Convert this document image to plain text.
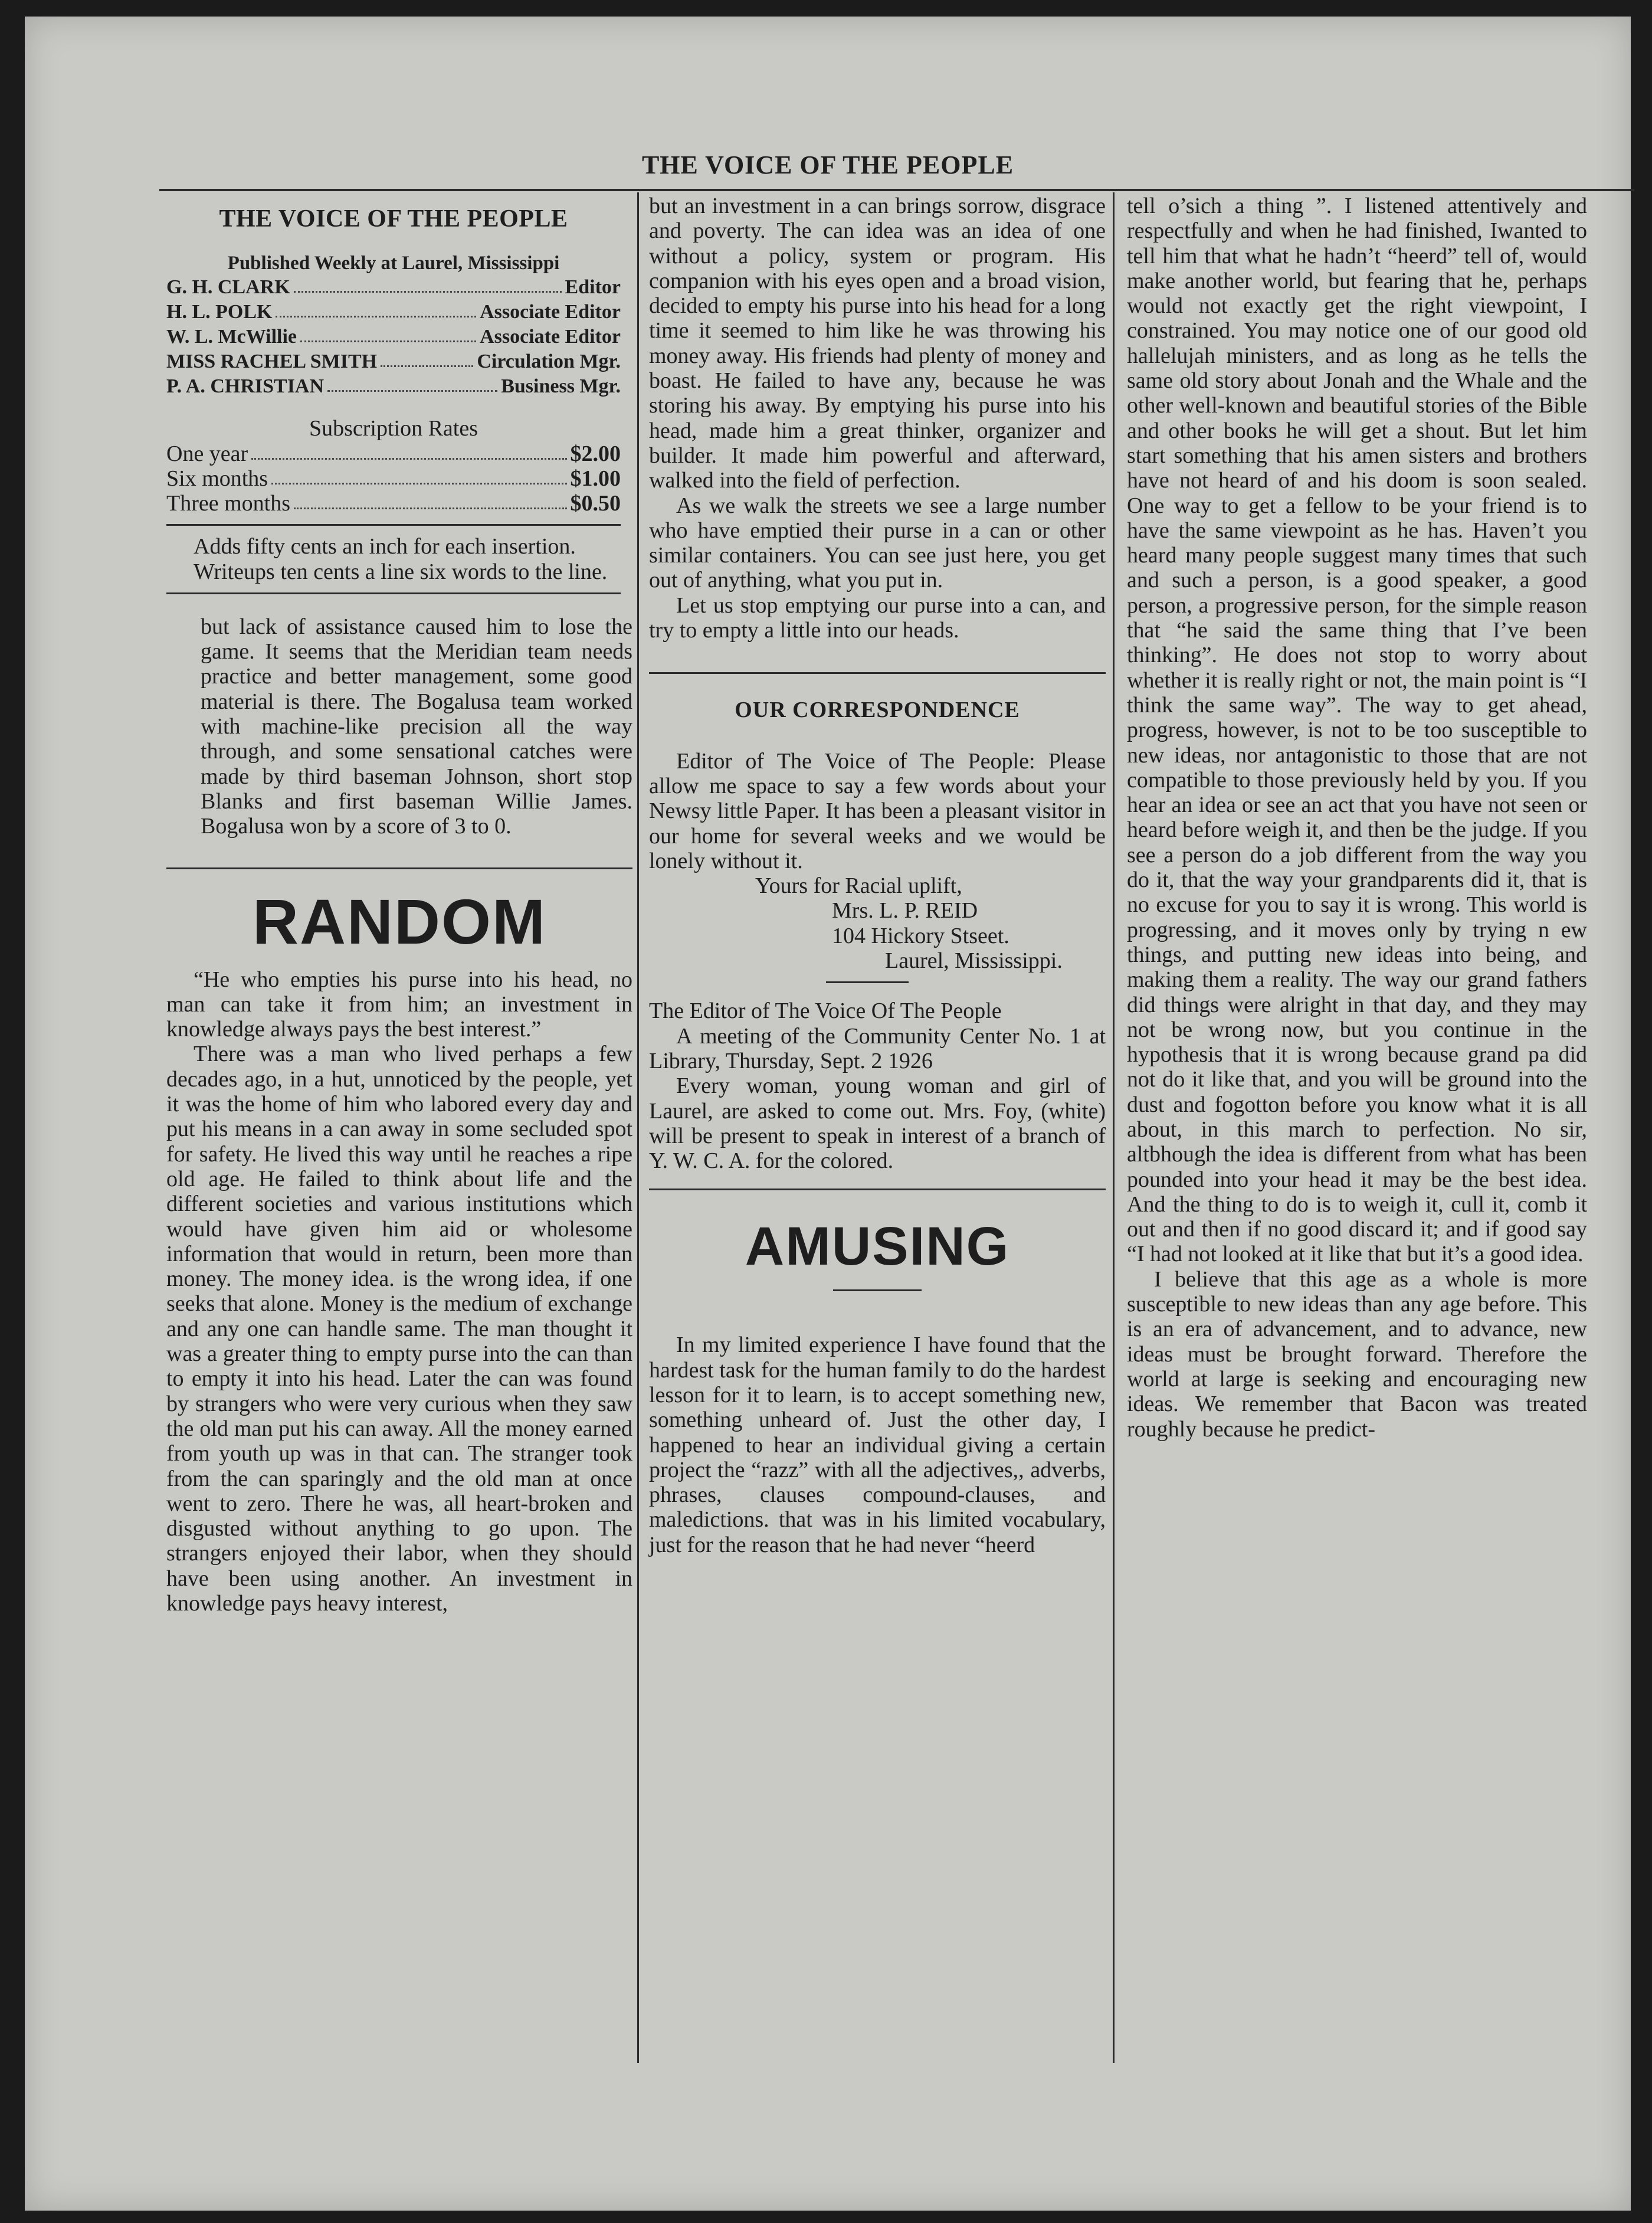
THE VOICE OF THE PEOPLE
THE VOICE OF THE PEOPLE
Published Weekly at Laurel, Mississippi
G. H. CLARK	Editor
H. L. POLK	Associate Editor
W. L. McWillie	Associate Editor
MISS RACHEL SMITH	Circulation Mgr.
P. A. CHRISTIAN	Business Mgr.
Subscription Rates
One year	$2.00
Six months	$1.00
Three months	$0.50

Adds fifty cents an inch for each insertion.

Writeups ten cents a line six words to the line.

but lack of assistance caused him to lose the game. It seems that the Meridian team needs practice and better management, some good material is there. The Bogalusa team worked with machine-like precision all the way through, and some sensational catches were made by third baseman Johnson, short stop Blanks and first baseman Willie James. Bogalusa won by a score of 3 to 0.

RANDOM

“He who empties his purse into his head, no man can take it from him; an investment in knowledge always pays the best interest.”

There was a man who lived perhaps a few decades ago, in a hut, unnoticed by the people, yet it was the home of him who labored every day and put his means in a can away in some secluded spot for safety. He lived this way until he reaches a ripe old age. He failed to think about life and the different societies and various institutions which would have given him aid or wholesome information that would in return, been more than money. The money idea. is the wrong idea, if one seeks that alone. Money is the medium of exchange and any one can handle same. The man thought it was a greater thing to empty purse into the can than to empty it into his head. Later the can was found by strangers who were very curious when they saw the old man put his can away. All the money earned from youth up was in that can. The stranger took from the can sparingly and the old man at once went to zero. There he was, all heart-broken and disgusted without anything to go upon. The strangers enjoyed their labor, when they should have been using another. An investment in knowledge pays heavy interest,

but an investment in a can brings sorrow, disgrace and poverty. The can idea was an idea of one without a policy, system or program. His companion with his eyes open and a broad vision, decided to empty his purse into his head for a long time it seemed to him like he was throwing his money away. His friends had plenty of money and boast. He failed to have any, because he was storing his away. By emptying his purse into his head, made him a great thinker, organizer and builder. It made him powerful and afterward, walked into the field of perfection.

As we walk the streets we see a large number who have emptied their purse in a can or other similar containers. You can see just here, you get out of anything, what you put in.

Let us stop emptying our purse into a can, and try to empty a little into our heads.

OUR CORRESPONDENCE

Editor of The Voice of The People: Please allow me space to say a few words about your Newsy little Paper. It has been a pleasant visitor in our home for several weeks and we would be lonely without it.

Yours for Racial uplift,
Mrs. L. P. REID
104 Hickory Stseet.
Laurel, Mississippi.

The Editor of The Voice Of The People

A meeting of the Community Center No. 1 at Library, Thursday, Sept. 2 1926

Every woman, young woman and girl of Laurel, are asked to come out. Mrs. Foy, (white) will be present to speak in interest of a branch of Y. W. C. A. for the colored.

AMUSING

In my limited experience I have found that the hardest task for the human family to do the hardest lesson for it to learn, is to accept something new, something unheard of. Just the other day, I happened to hear an individual giving a certain project the “razz” with all the adjectives,, adverbs, phrases, clauses compound-clauses, and maledictions. that was in his limited vocabulary, just for the reason that he had never “heerd

tell o’sich a thing ”. I listened attentively and respectfully and when he had finished, Iwanted to tell him that what he hadn’t “heerd” tell of, would make another world, but fearing that he, perhaps would not exactly get the right viewpoint, I constrained. You may notice one of our good old hallelujah ministers, and as long as he tells the same old story about Jonah and the Whale and the other well-known and beautiful stories of the Bible and other books he will get a shout. But let him start something that his amen sisters and brothers have not heard of and his doom is soon sealed. One way to get a fellow to be your friend is to have the same viewpoint as he has. Haven’t you heard many people suggest many times that such and such a person, is a good speaker, a good person, a progressive person, for the simple reason that “he said the same thing that I’ve been thinking”. He does not stop to worry about whether it is really right or not, the main point is “I think the same way”. The way to get ahead, progress, however, is not to be too susceptible to new ideas, nor antagonistic to those that are not compatible to those previously held by you. If you hear an idea or see an act that you have not seen or heard before weigh it, and then be the judge. If you see a person do a job different from the way you do it, that the way your grandparents did it, that is no excuse for you to say it is wrong. This world is progressing, and it moves only by trying n ew things, and putting new ideas into being, and making them a reality. The way our grand fathers did things were alright in that day, and they may not be wrong now, but you continue in the hypothesis that it is wrong because grand pa did not do it like that, and you will be ground into the dust and fogotton before you know what it is all about, in this march to perfection. No sir, altbhough the idea is different from what has been pounded into your head it may be the best idea. And the thing to do is to weigh it, cull it, comb it out and then if no good discard it; and if good say “I had not looked at it like that but it’s a good idea.

I believe that this age as a whole is more susceptible to new ideas than any age before. This is an era of advancement, and to advance, new ideas must be brought forward. Therefore the world at large is seeking and encouraging new ideas. We remember that Bacon was treated roughly because he predict-
